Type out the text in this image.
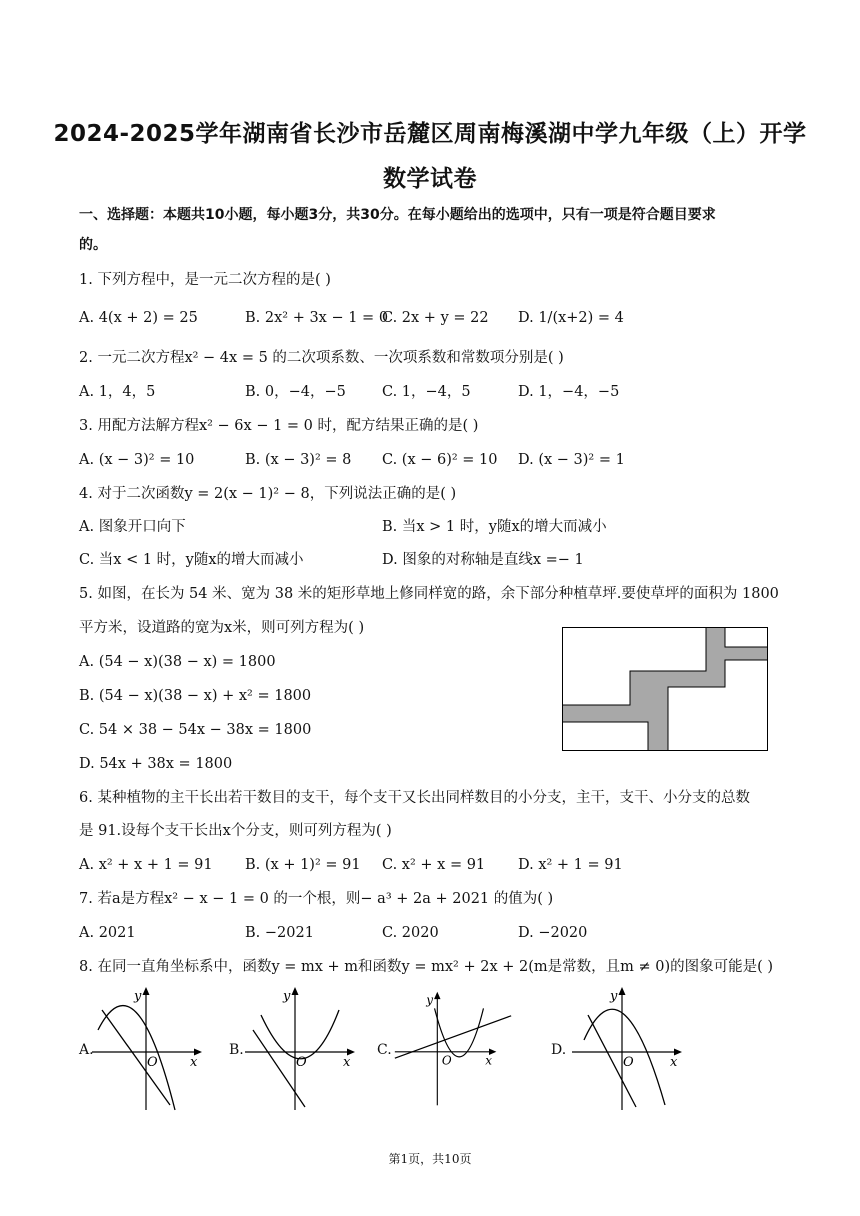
2024-2025学年湖南省长沙市岳麓区周南梅溪湖中学九年级（上）开学
数学试卷
一、选择题：本题共10小题，每小题3分，共30分。在每小题给出的选项中，只有一项是符合题目要求
的。
1. 下列方程中，是一元二次方程的是( )
A. 4(x + 2) = 25	B. 2x² + 3x − 1 = 0
C. 2x + y = 22 D. 1/(x+2) = 4
2. 一元二次方程x² − 4x = 5 的二次项系数、一次项系数和常数项分别是( )
A. 1，4，5	B. 0，−4，−5 C. 1，−4，5	D. 1，−4，−5
3. 用配方法解方程x² − 6x − 1 = 0 时，配方结果正确的是( )
A. (x − 3)² = 10	B. (x − 3)² = 8 C. (x − 6)² = 10 D. (x − 3)² = 1
4. 对于二次函数y = 2(x − 1)² − 8，下列说法正确的是( )
A. 图象开口向下	B. 当x > 1 时，y随x的增大而减小
C. 当x < 1 时，y随x的增大而减小	D. 图象的对称轴是直线x =− 1
5. 如图，在长为 54 米、宽为 38 米的矩形草地上修同样宽的路，余下部分种植草坪.要使草坪的面积为 1800
平方米，设道路的宽为x米，则可列方程为( )
A. (54 − x)(38 − x) = 1800
B. (54 − x)(38 − x) + x² = 1800
C. 54 × 38 − 54x − 38x = 1800
D. 54x + 38x = 1800
6. 某种植物的主干长出若干数目的支干，每个支干又长出同样数目的小分支，主干，支干、小分支的总数
是 91.设每个支干长出x个分支，则可列方程为( )
A. x² + x + 1 = 91 B. (x + 1)² = 91 C. x² + x = 91 D. x² + 1 = 91
7. 若a是方程x² − x − 1 = 0 的一个根，则− a³ + 2a + 2021 的值为( )
A. 2021	B. −2021	C. 2020	D. −2020
8. 在同一直角坐标系中，函数y = mx + m和函数y = mx² + 2x + 2(m是常数，且m ≠ 0)的图象可能是( )
A.
y
x
O
B.
y
x
O
C.
y
x
O
D.
y
x
O
第1页，共10页
